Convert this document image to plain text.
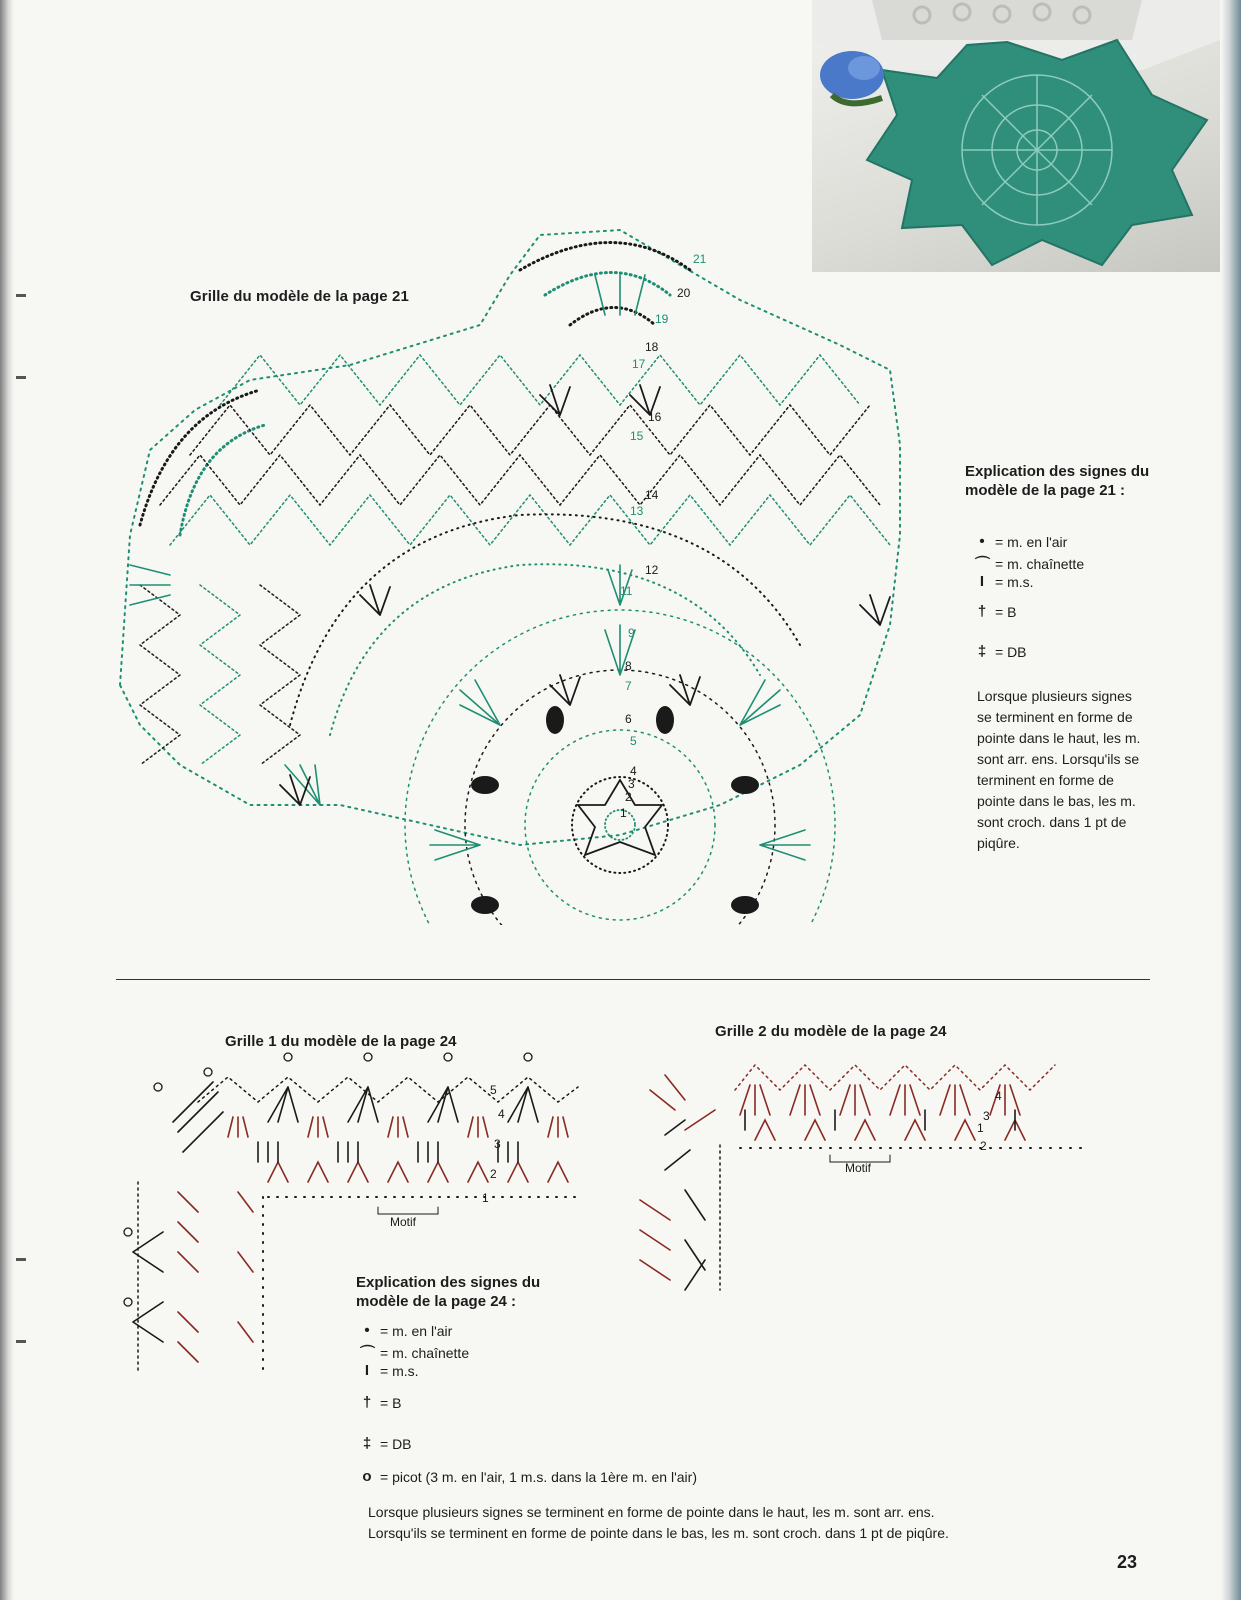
Grille du modèle de la page 21
1
2
3
4
5
6
7
8
9
11
12
13
14
15
16
17
18
19
20
21
Explication des signes du modèle de la page 21 :
• = m. en l'air
⌒ = m. chaînette
I = m.s.
† = B
‡ = DB
Lorsque plusieurs signes se terminent en forme de pointe dans le haut, les m. sont arr. ens. Lorsqu'ils se terminent en forme de pointe dans le bas, les m. sont croch. dans 1 pt de piqûre.
Grille 1 du modèle de la page 24
1
2
3
4
5
Motif
Grille 2 du modèle de la page 24
1
2
3
4
Motif
Explication des signes du modèle de la page 24 :
• = m. en l'air
⌒ = m. chaînette
I = m.s.
† = B
‡ = DB
o = picot (3 m. en l'air, 1 m.s. dans la 1ère m. en l'air)
Lorsque plusieurs signes se terminent en forme de pointe dans le haut, les m. sont arr. ens.
Lorsqu'ils se terminent en forme de pointe dans le bas, les m. sont croch. dans 1 pt de piqûre.
23
